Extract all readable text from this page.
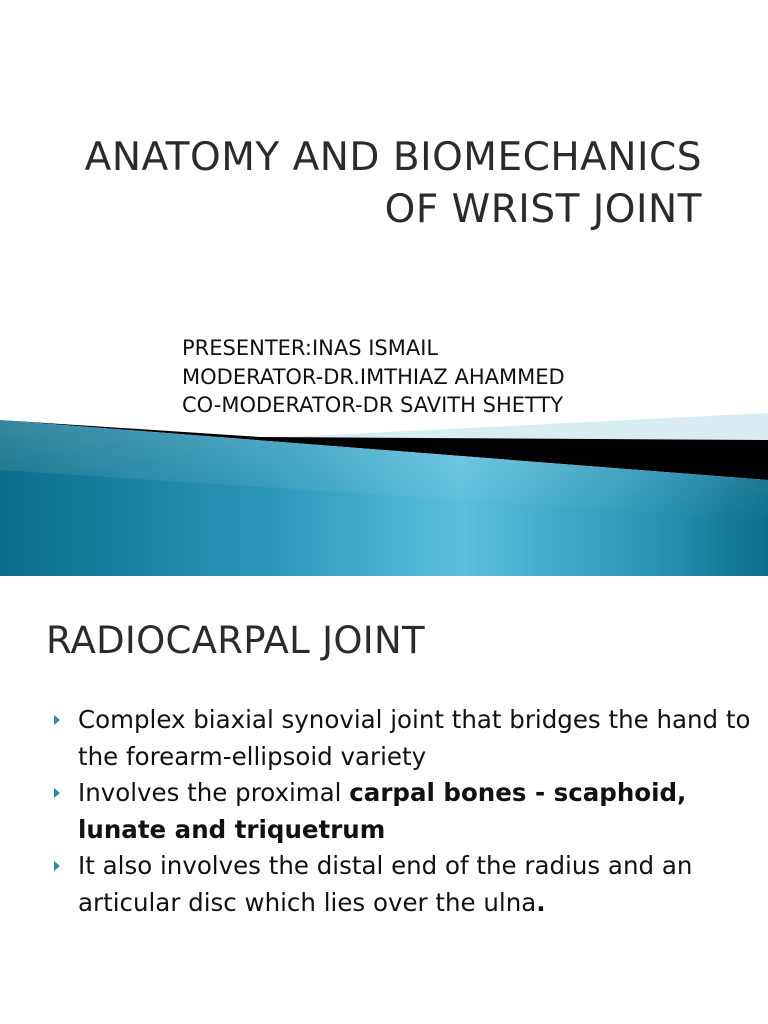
ANATOMY AND BIOMECHANICS OF WRIST JOINT
PRESENTER:INAS ISMAIL
MODERATOR-DR.IMTHIAZ AHAMMED
CO-MODERATOR-DR SAVITH SHETTY
RADIOCARPAL JOINT
Complex biaxial synovial joint that bridges the hand to the forearm-ellipsoid variety
Involves the proximal carpal bones - scaphoid, lunate and triquetrum
It also involves the distal end of the radius and an articular disc which lies over the ulna.
